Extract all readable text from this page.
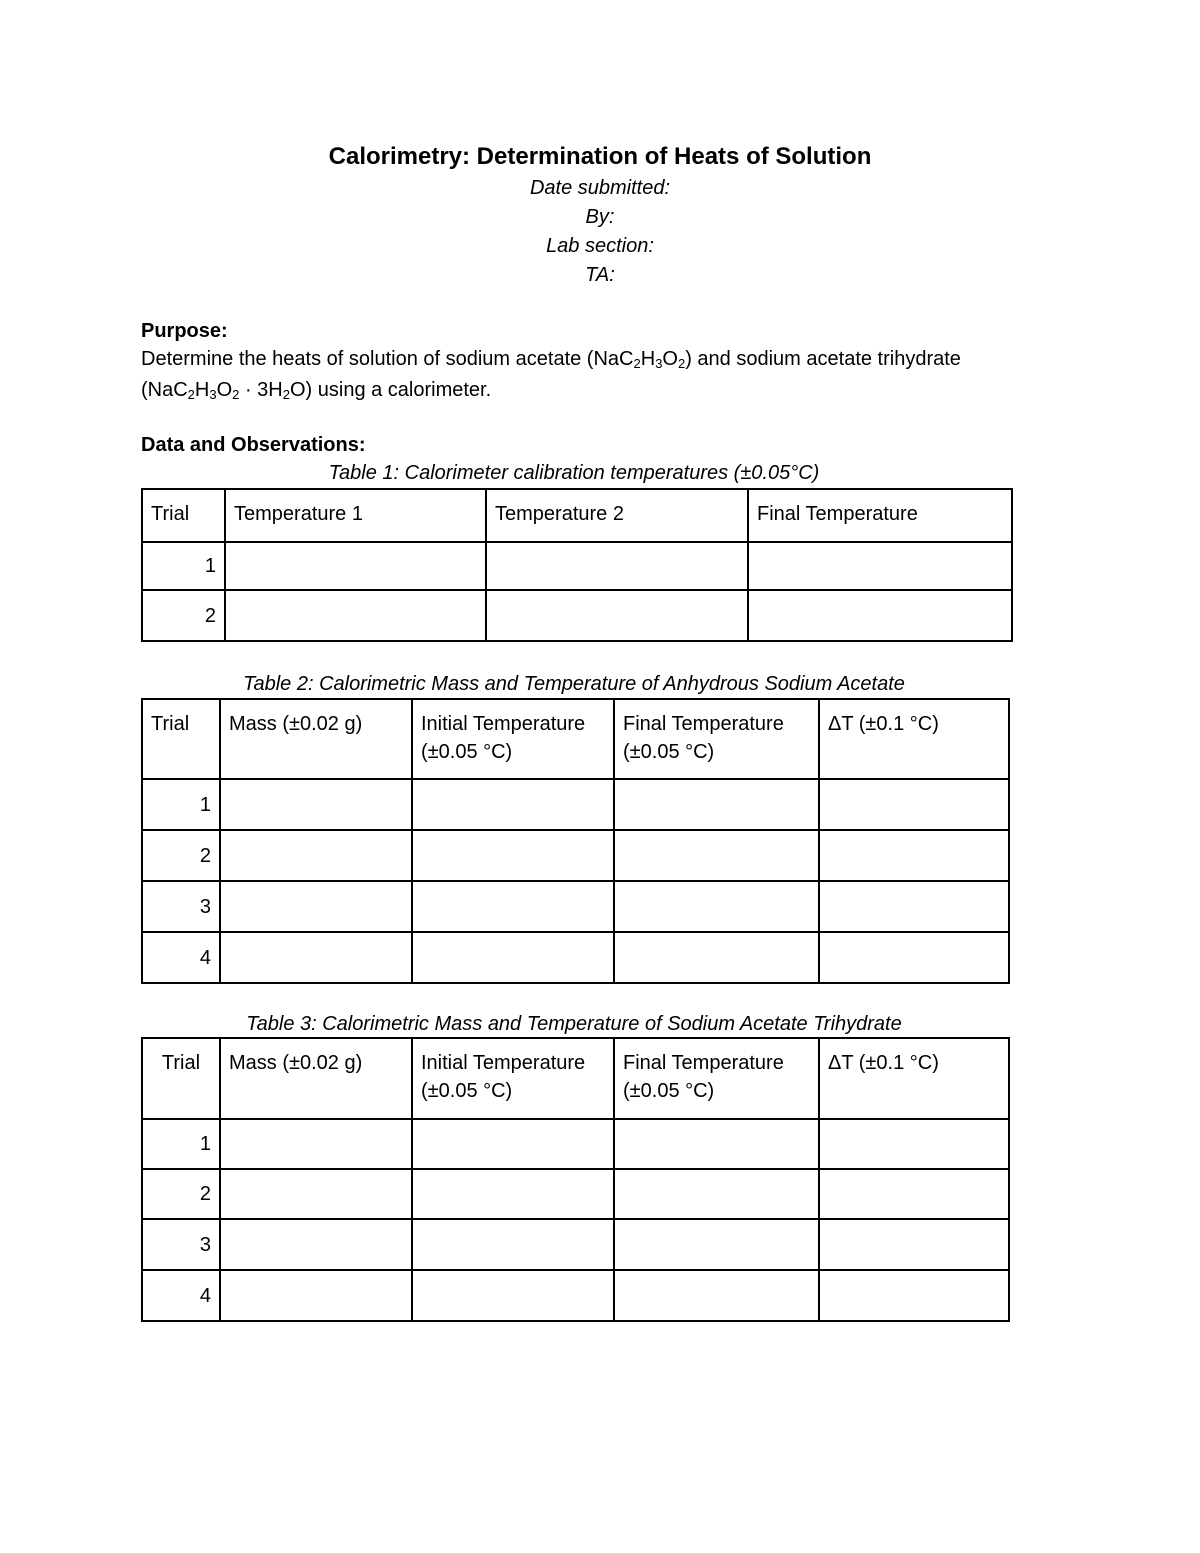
Calorimetry: Determination of Heats of Solution
Date submitted:
By:
Lab section:
TA:
Purpose:
Determine the heats of solution of sodium acetate $(NaC_2H_3O_2)$ and sodium acetate trihydrate
$(NaC_2H_3O_2 \cdot 3H_2O)$ using a calorimeter.
Data and Observations:
Table 1: Calorimeter calibration temperatures (±0.05°C)
Trial	Temperature 1	Temperature 2	Final Temperature
1			
2			
Table 2: Calorimetric Mass and Temperature of Anhydrous Sodium Acetate
Trial	Mass (±0.02 g)	Initial Temperature (±0.05 °C)	Final Temperature (±0.05 °C)	ΔT (±0.1 °C)
1				
2				
3				
4				
Table 3: Calorimetric Mass and Temperature of Sodium Acetate Trihydrate
Trial	Mass (±0.02 g)	Initial Temperature (±0.05 °C)	Final Temperature (±0.05 °C)	ΔT (±0.1 °C)
1				
2				
3				
4				
